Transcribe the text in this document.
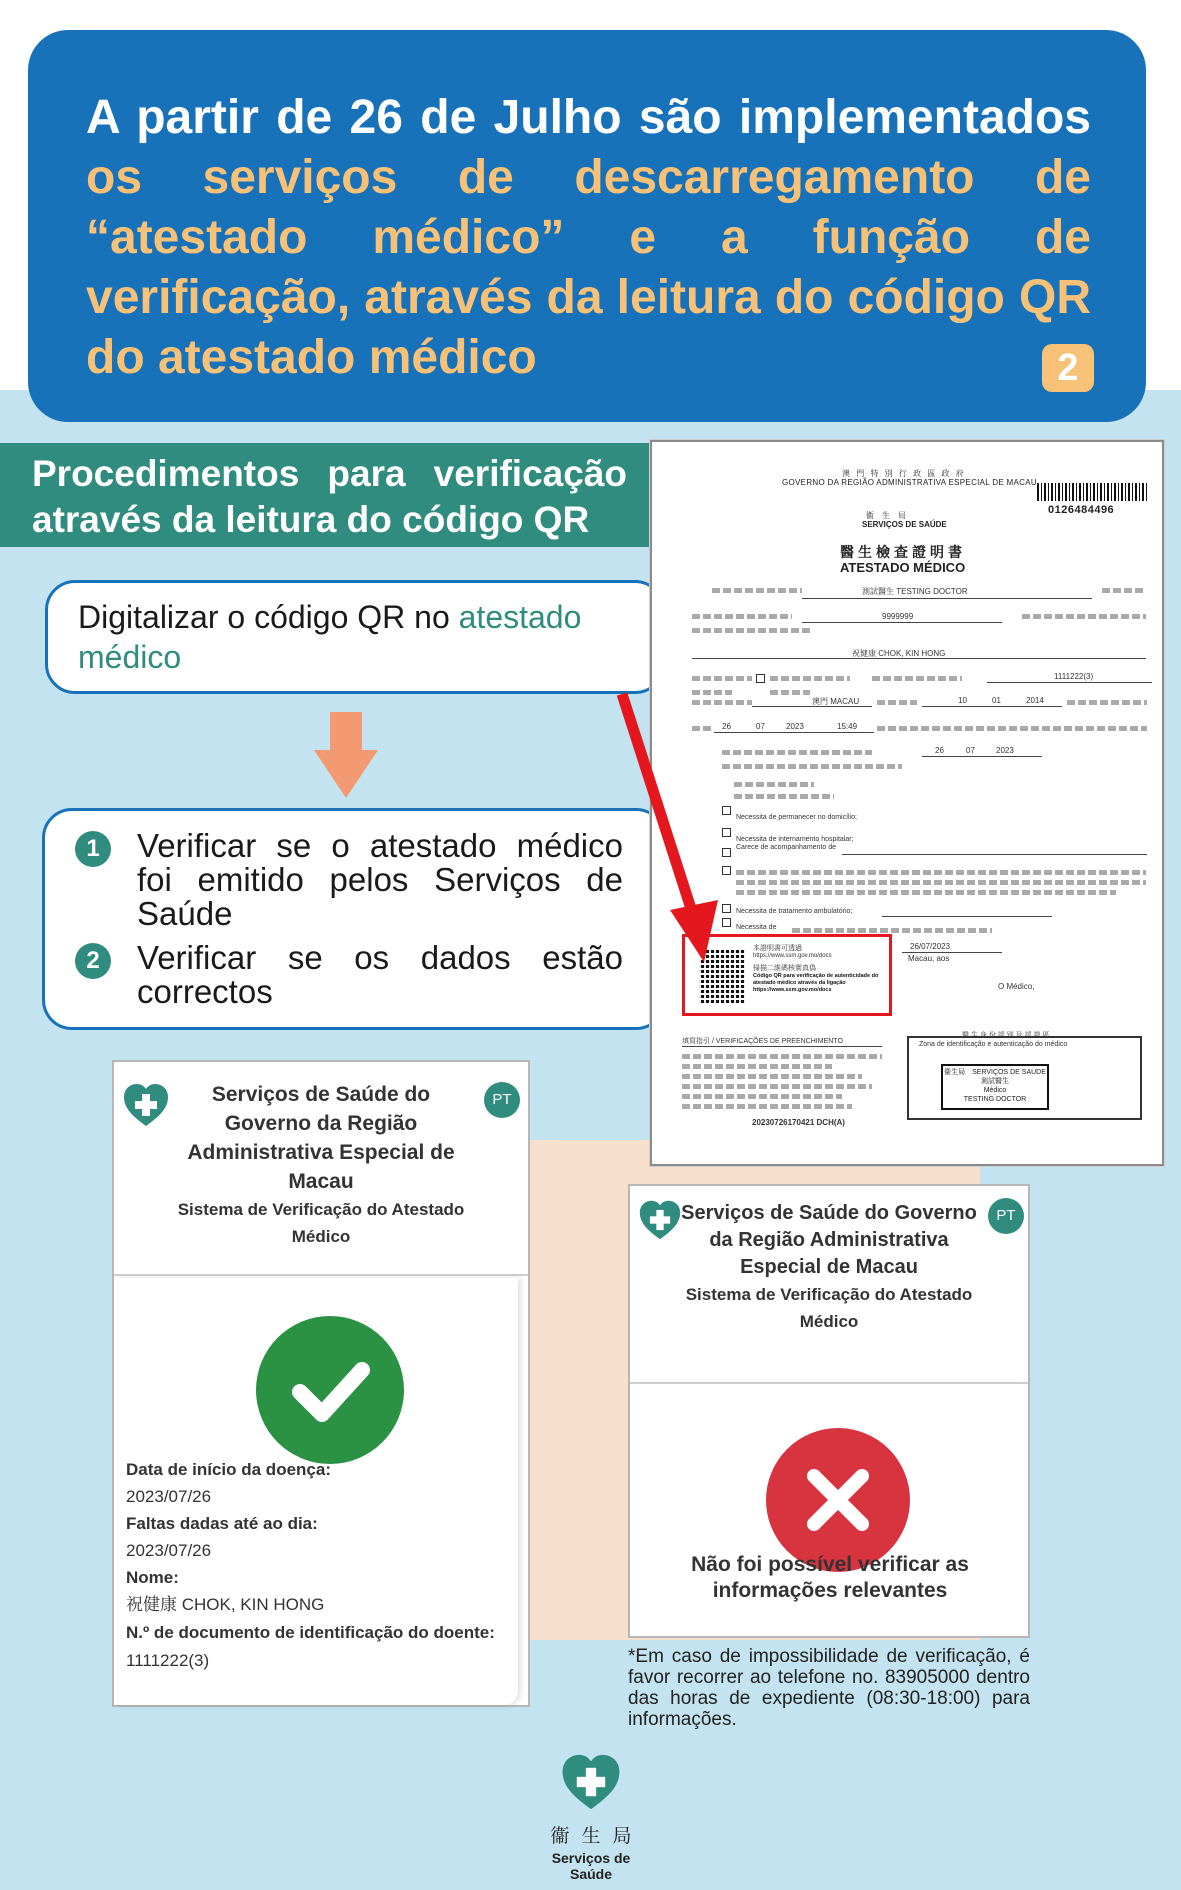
A partir de 26 de Julho são implementados os serviços de descarregamento de “atestado médico” e a função de verificação, através da leitura do código QR do atestado médico	2
Procedimentos para verificação
através da leitura do código QR
Digitalizar o código QR no atestado médico
1	Verificar se o atestado médico foi emitido pelos Serviços de Saúde
2	Verificar se os dados estão correctos
澳 門 特 別 行 政 區 政 府
GOVERNO DA REGIÃO ADMINISTRATIVA ESPECIAL DE MACAU
0126484496
衞　生　局
SERVIÇOS DE SAÚDE
醫生檢查證明書
ATESTADO MÉDICO
測試醫生 TESTING DOCTOR
9999999
祝健康 CHOK, KIN HONG
1111222(3)
澳門 MACAU	10	01	2014
26	07	2023	15:49
26	07	2023
Necessita de permanecer no domicílio;
Necessita de internamento hospitalar;
Carece de acompanhamento de
Necessita de tratamento ambulatório;
Necessita de
本證明書可透過
https://www.ssm.gov.mo/docs
掃描二維碼核實真偽
Código QR para verificação de autenticidade do atestado médico através da ligação https://www.ssm.gov.mo/docs
26/07/2023
Macau, aos
O Médico,
填寫指引 / VERIFICAÇÕES DE PREENCHIMENTO
20230726170421 DCH(A)
醫 生 身 份 認 別 及 認 證 區
Zona de identificação e autenticação do médico
衞生局　SERVIÇOS DE SAÚDE
測試醫生
Médico
TESTING DOCTOR
Serviços de Saúde do Governo da Região Administrativa Especial de Macau
Sistema de Verificação do Atestado Médico
PT
Data de início da doença:
2023/07/26
Faltas dadas até ao dia:
2023/07/26
Nome:
祝健康 CHOK, KIN HONG
N.º de documento de identificação do doente:
1111222(3)
Serviços de Saúde do Governo da Região Administrativa Especial de Macau
Sistema de Verificação do Atestado Médico
PT
Não foi possível verificar as informações relevantes
*Em caso de impossibilidade de verificação, é favor recorrer ao telefone no. 83905000 dentro das horas de expediente (08:30-18:00) para informações.
衞生局
Serviços de Saúde
